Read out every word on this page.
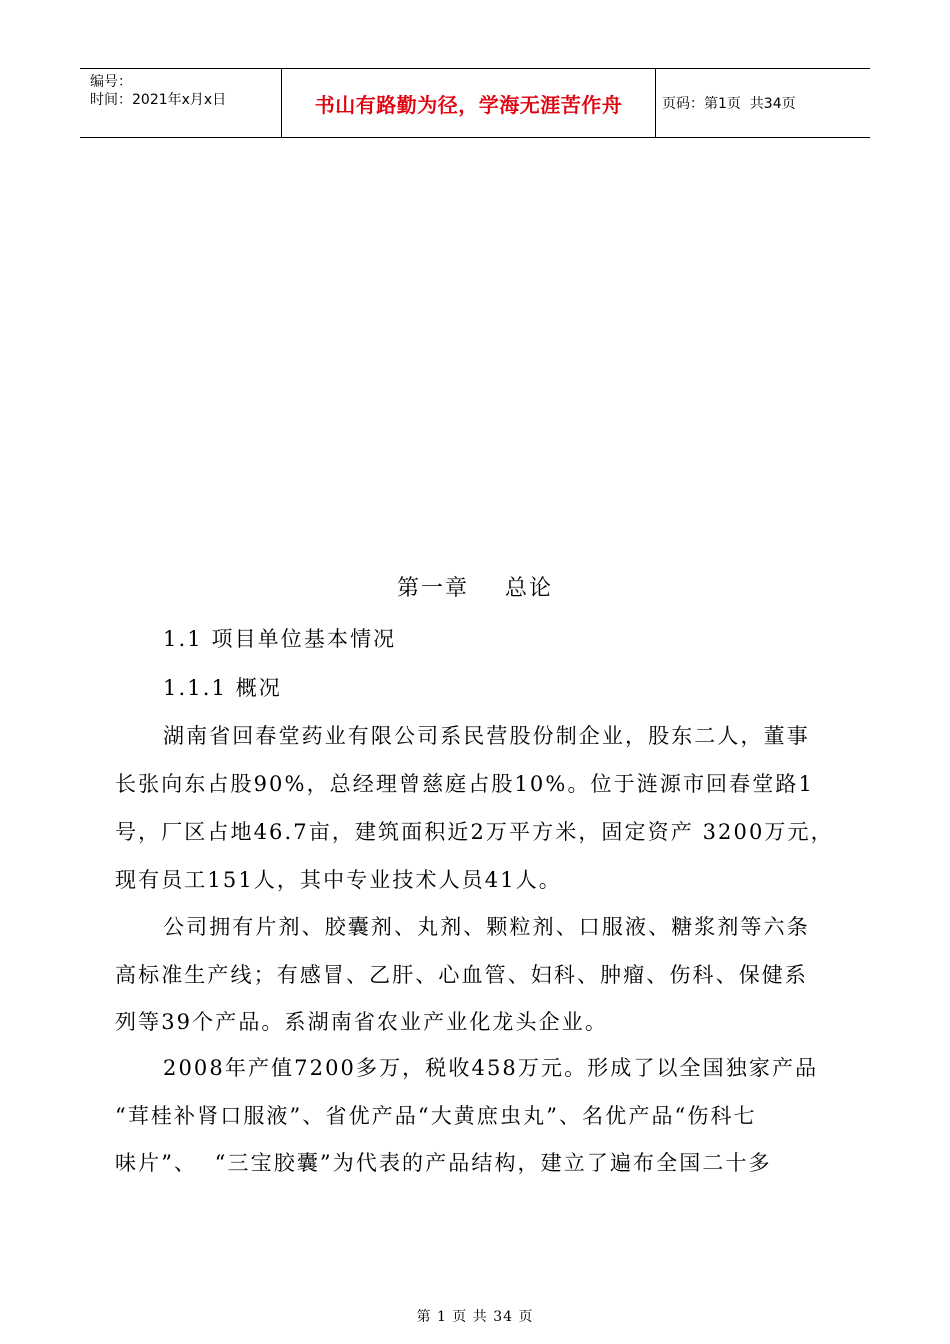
编号：
时间：2021年x月x日	书山有路勤为径，学海无涯苦作舟	页码：第1页  共34页
第一章    总论

1.1 项目单位基本情况

1.1.1 概况

湖南省回春堂药业有限公司系民营股份制企业，股东二人，董事

长张向东占股90%，总经理曾慈庭占股10%。位于涟源市回春堂路1

号，厂区占地46.7亩，建筑面积近2万平方米，固定资产 3200万元，

现有员工151人，其中专业技术人员41人。

公司拥有片剂、胶囊剂、丸剂、颗粒剂、口服液、糖浆剂等六条

高标准生产线；有感冒、乙肝、心血管、妇科、肿瘤、伤科、保健系

列等39个产品。系湖南省农业产业化龙头企业。

2008年产值7200多万，税收458万元。形成了以全国独家产品

“茸桂补肾口服液”、省优产品“大黄庶虫丸”、名优产品“伤科七

味片”、  “三宝胶囊”为代表的产品结构，建立了遍布全国二十多

第 1 页 共 34 页
